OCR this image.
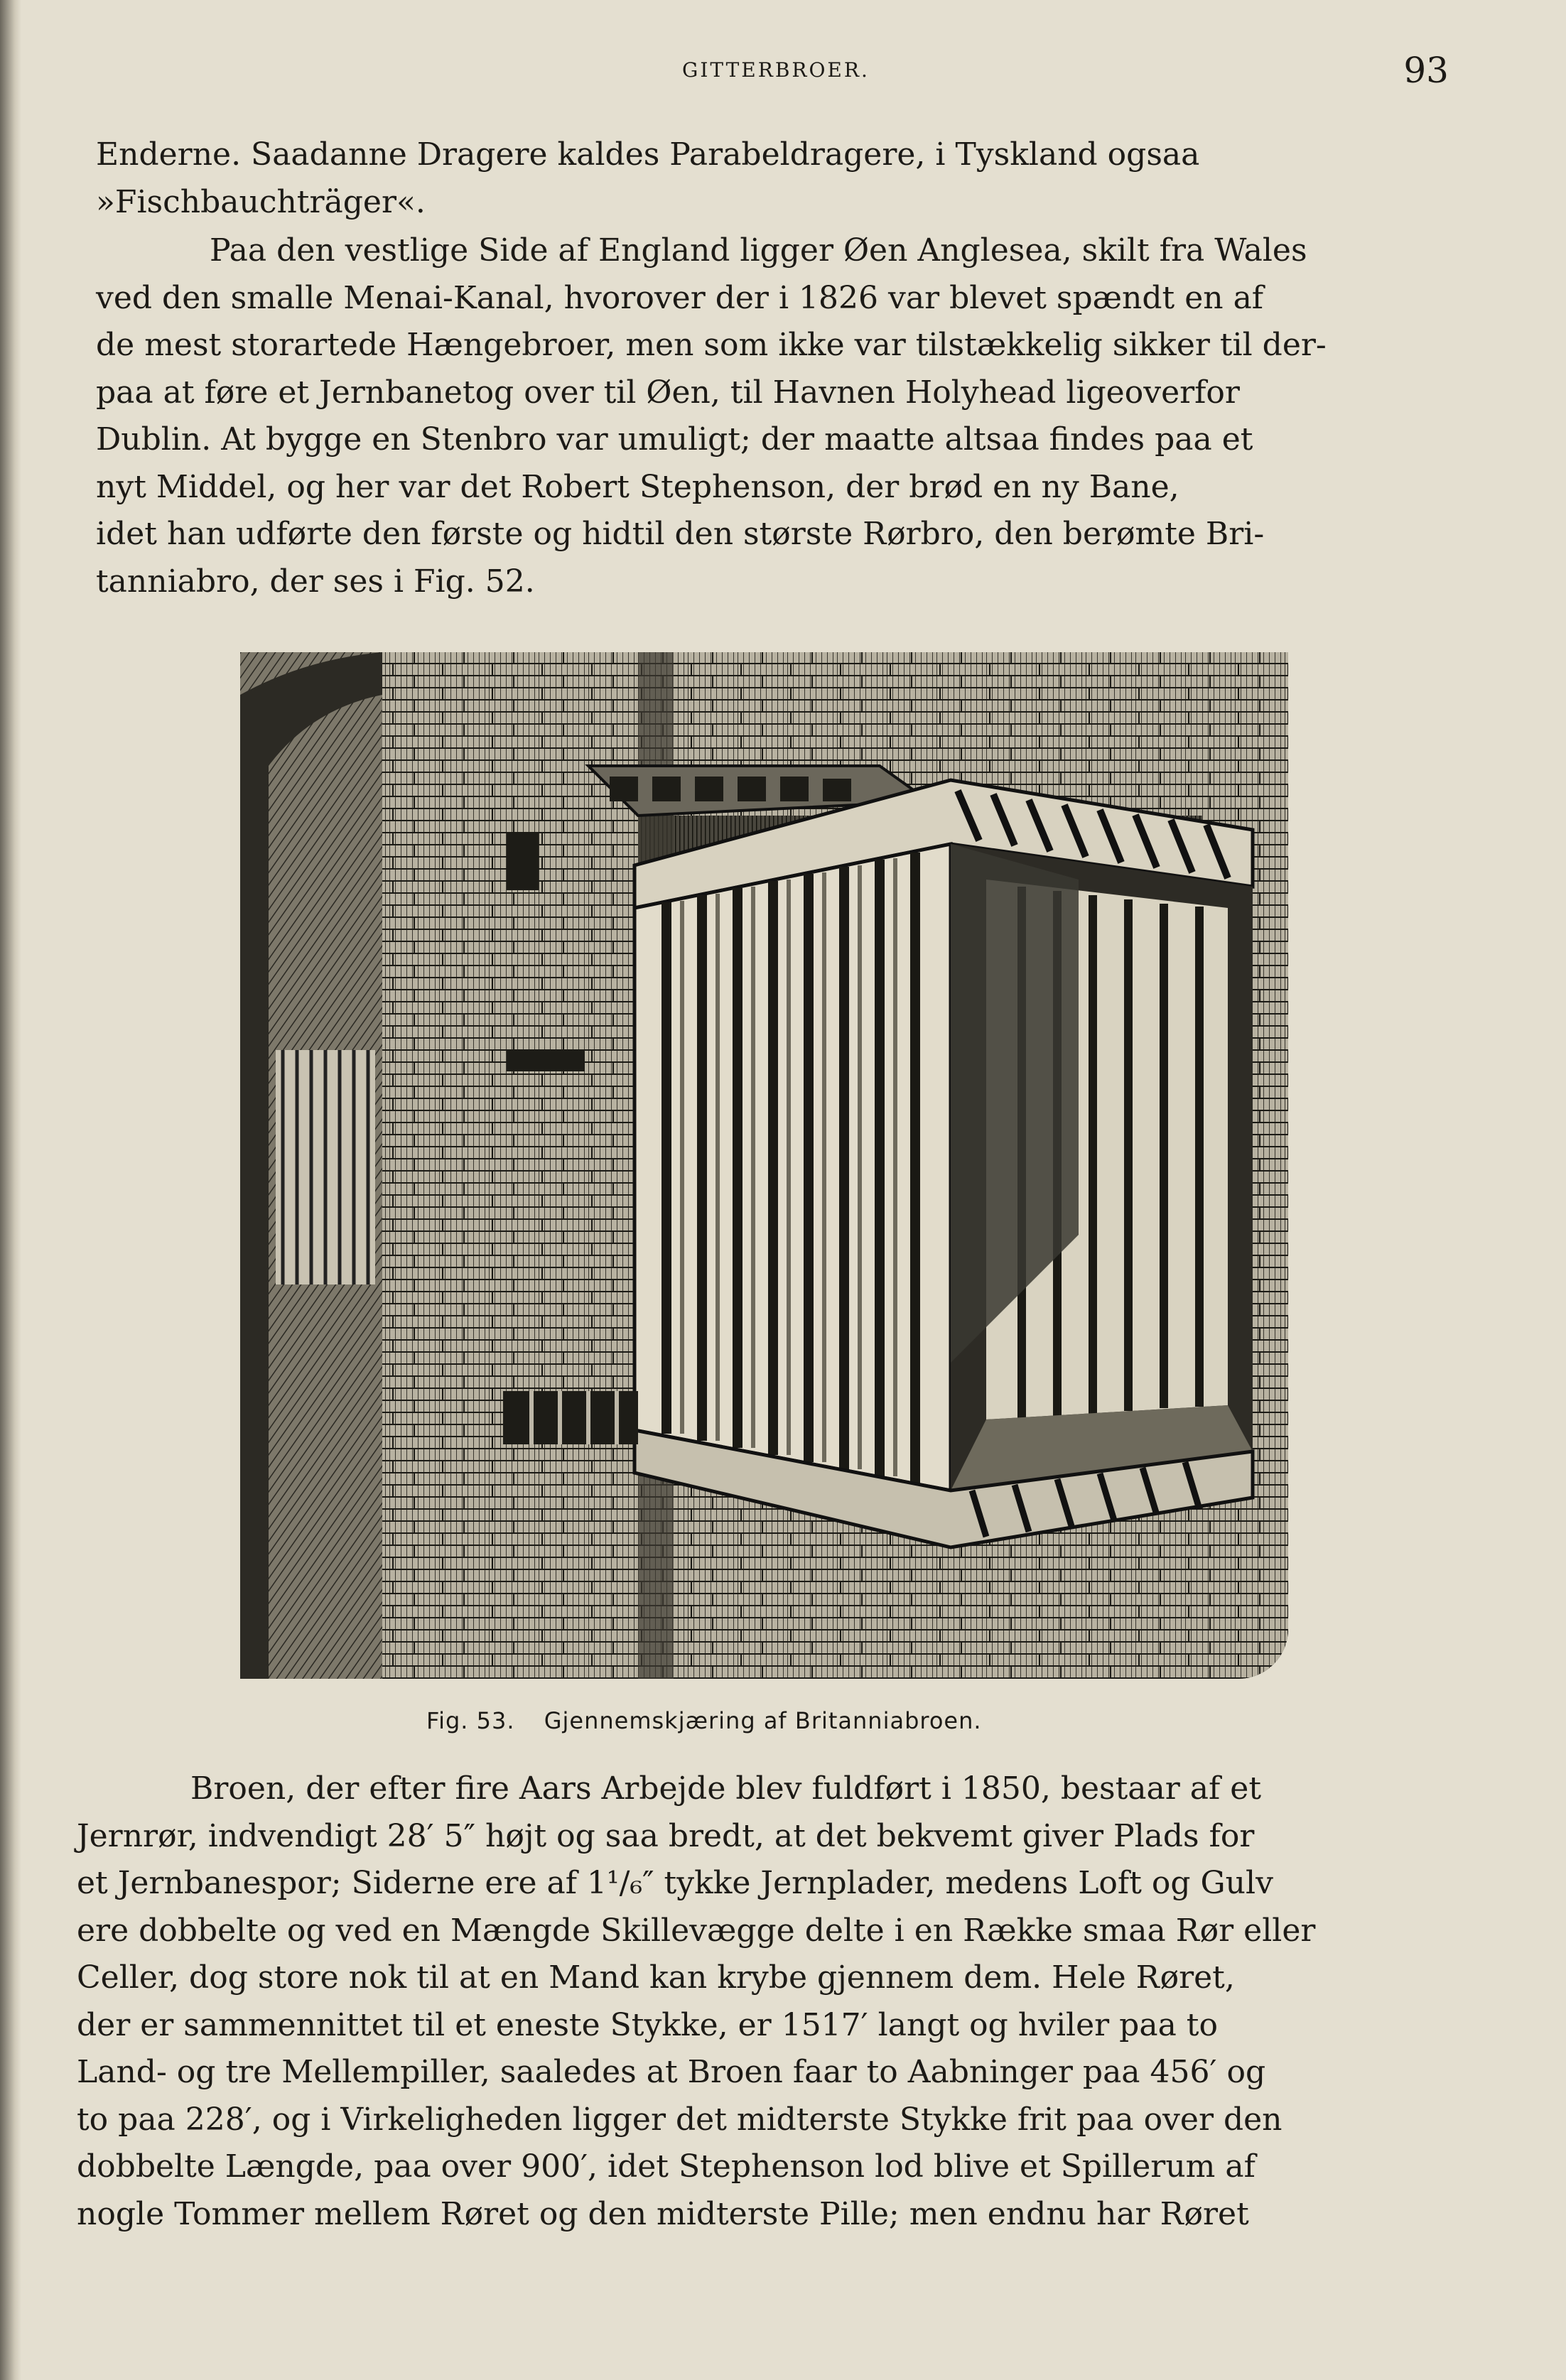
GITTERBROER.	93
Enderne. Saadanne Dragere kaldes Parabeldragere, i Tyskland ogsaa
»Fischbauchträger«.
Paa den vestlige Side af England ligger Øen Anglesea, skilt fra Wales
ved den smalle Menai-Kanal, hvorover der i 1826 var blevet spændt en af
de mest storartede Hængebroer, men som ikke var tilstækkelig sikker til der-
paa at føre et Jernbanetog over til Øen, til Havnen Holyhead ligeoverfor
Dublin. At bygge en Stenbro var umuligt; der maatte altsaa findes paa et
nyt Middel, og her var det Robert Stephenson, der brød en ny Bane,
idet han udførte den første og hidtil den største Rørbro, den berømte Bri-
tanniabro, der ses i Fig. 52.
Fig. 53. Gjennemskjæring af Britanniabroen.
Broen, der efter fire Aars Arbejde blev fuldført i 1850, bestaar af et
Jernrør, indvendigt 28′ 5″ højt og saa bredt, at det bekvemt giver Plads for
et Jernbanespor; Siderne ere af 1¹/₆″ tykke Jernplader, medens Loft og Gulv
ere dobbelte og ved en Mængde Skillevægge delte i en Række smaa Rør eller
Celler, dog store nok til at en Mand kan krybe gjennem dem. Hele Røret,
der er sammennittet til et eneste Stykke, er 1517′ langt og hviler paa to
Land- og tre Mellempiller, saaledes at Broen faar to Aabninger paa 456′ og
to paa 228′, og i Virkeligheden ligger det midterste Stykke frit paa over den
dobbelte Længde, paa over 900′, idet Stephenson lod blive et Spillerum af
nogle Tommer mellem Røret og den midterste Pille; men endnu har Røret
